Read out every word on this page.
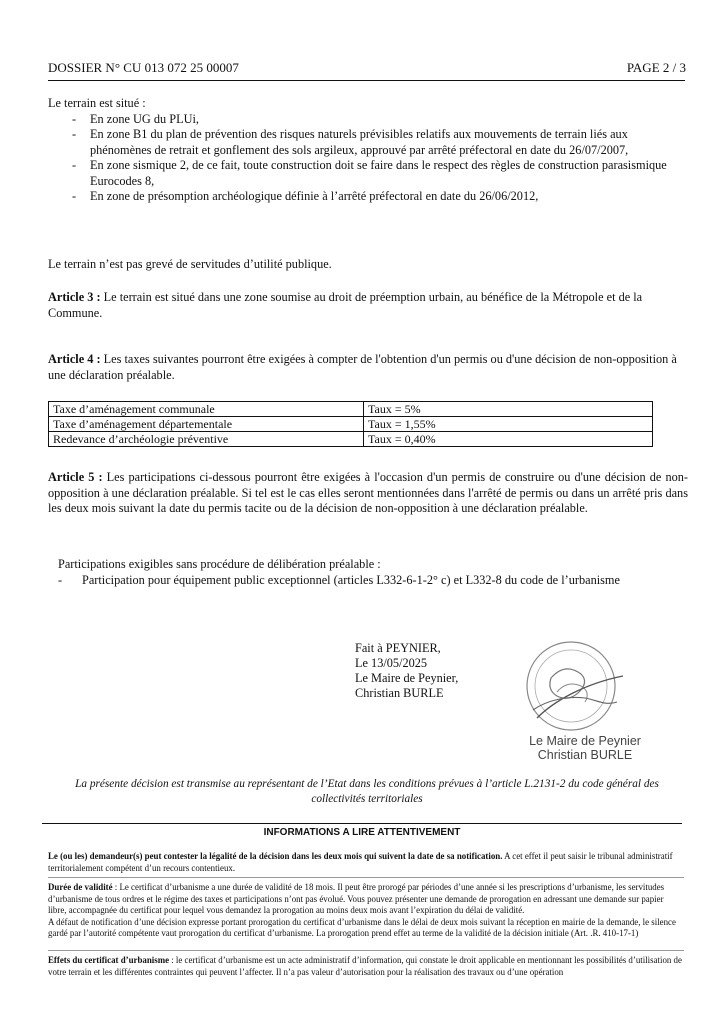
DOSSIER N° CU 013 072 25 00007	PAGE 2 / 3
Le terrain est situé :
- En zone UG du PLUi,
- En zone B1 du plan de prévention des risques naturels prévisibles relatifs aux mouvements de terrain liés aux phénomènes de retrait et gonflement des sols argileux, approuvé par arrêté préfectoral en date du 26/07/2007,
- En zone sismique 2, de ce fait, toute construction doit se faire dans le respect des règles de construction parasismique Eurocodes 8,
- En zone de présomption archéologique définie à l’arrêté préfectoral en date du 26/06/2012,
Le terrain n’est pas grevé de servitudes d’utilité publique.
Article 3 : Le terrain est situé dans une zone soumise au droit de préemption urbain, au bénéfice de la Métropole et de la Commune.
Article 4 : Les taxes suivantes pourront être exigées à compter de l'obtention d'un permis ou d'une décision de non-opposition à une déclaration préalable.
Taxe d’aménagement communale	Taux = 5%
Taxe d’aménagement départementale	Taux = 1,55%
Redevance d’archéologie préventive	Taux = 0,40%
Article 5 : Les participations ci-dessous pourront être exigées à l'occasion d'un permis de construire ou d'une décision de non-opposition à une déclaration préalable. Si tel est le cas elles seront mentionnées dans l'arrêté de permis ou dans un arrêté pris dans les deux mois suivant la date du permis tacite ou de la décision de non-opposition à une déclaration préalable.
Participations exigibles sans procédure de délibération préalable :
- Participation pour équipement public exceptionnel (articles L332-6-1-2° c) et L332-8 du code de l’urbanisme
Fait à PEYNIER,
Le 13/05/2025
Le Maire de Peynier,
Christian BURLE
Le Maire de Peynier
Christian BURLE
La présente décision est transmise au représentant de l’Etat dans les conditions prévues à l’article L.2131-2 du code général des collectivités territoriales
INFORMATIONS A LIRE ATTENTIVEMENT
Le (ou les) demandeur(s) peut contester la légalité de la décision dans les deux mois qui suivent la date de sa notification. A cet effet il peut saisir le tribunal administratif territorialement compétent d’un recours contentieux.
Durée de validité : Le certificat d’urbanisme a une durée de validité de 18 mois. Il peut être prorogé par périodes d’une année si les prescriptions d’urbanisme, les servitudes d’urbanisme de tous ordres et le régime des taxes et participations n’ont pas évolué. Vous pouvez présenter une demande de prorogation en adressant une demande sur papier libre, accompagnée du certificat pour lequel vous demandez la prorogation au moins deux mois avant l’expiration du délai de validité.
A défaut de notification d’une décision expresse portant prorogation du certificat d’urbanisme dans le délai de deux mois suivant la réception en mairie de la demande, le silence gardé par l’autorité compétente vaut prorogation du certificat d’urbanisme. La prorogation prend effet au terme de la validité de la décision initiale (Art. .R. 410-17-1)
Effets du certificat d’urbanisme : le certificat d’urbanisme est un acte administratif d’information, qui constate le droit applicable en mentionnant les possibilités d’utilisation de votre terrain et les différentes contraintes qui peuvent l’affecter. Il n’a pas valeur d’autorisation pour la réalisation des travaux ou d’une opération
